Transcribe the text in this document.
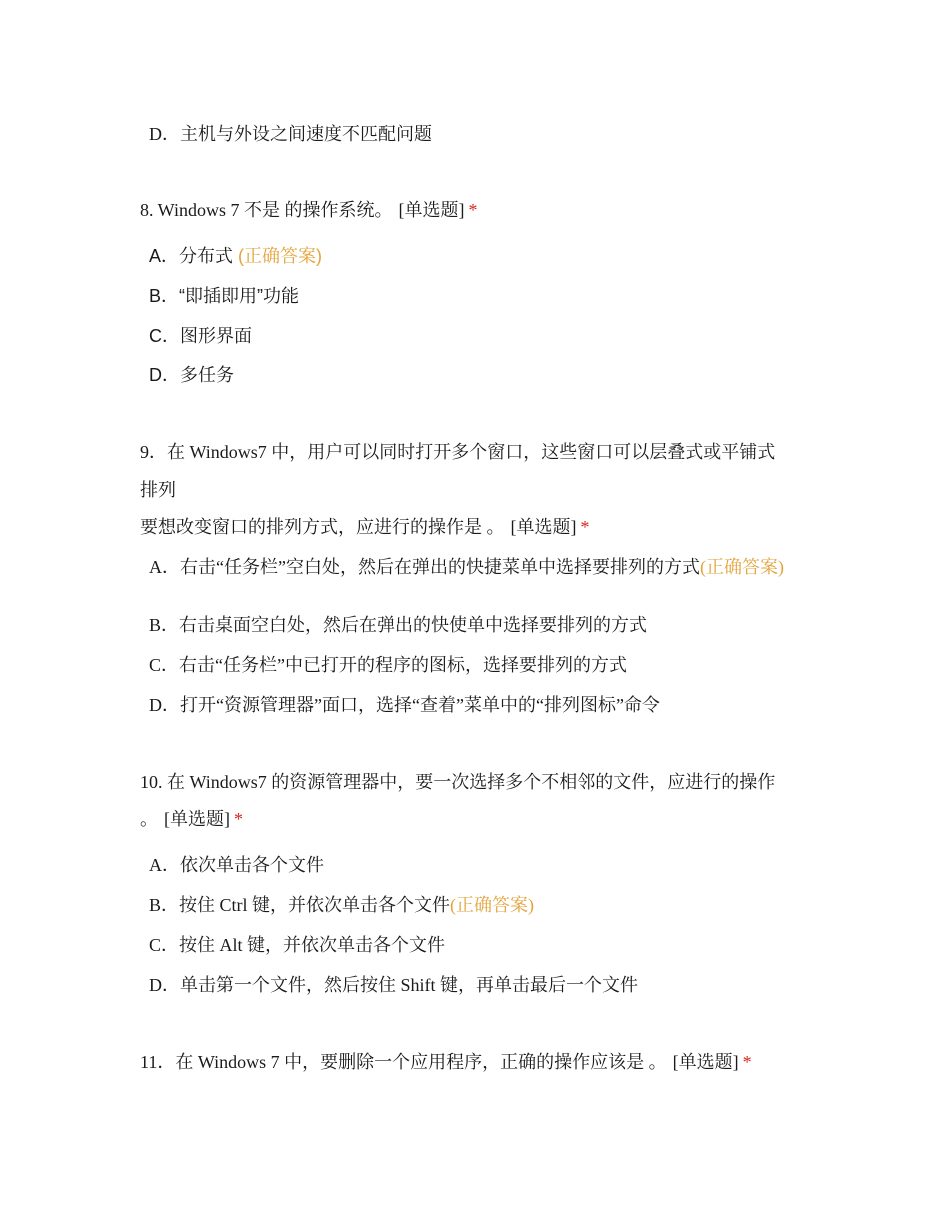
D．主机与外设之间速度不匹配问题
8. Windows 7 不是 的操作系统。 [单选题] *
A．分布式 (正确答案)
B．“即插即用”功能
C．图形界面
D．多任务
9．在 Windows7 中，用户可以同时打开多个窗口，这些窗口可以层叠式或平铺式
排列
要想改变窗口的排列方式，应进行的操作是 。 [单选题] *
A．右击“任务栏”空白处，然后在弹出的快捷菜单中选择要排列的方式(正确答案)
B．右击桌面空白处，然后在弹出的快使单中选择要排列的方式
C．右击“任务栏”中已打开的程序的图标，选择要排列的方式
D．打开“资源管理器”面口，选择“查着”菜单中的“排列图标”命令
10. 在 Windows7 的资源管理器中，要一次选择多个不相邻的文件，应进行的操作
。 [单选题] *
A．依次单击各个文件
B．按住 Ctrl 键，并依次单击各个文件(正确答案)
C．按住 Alt 键，并依次单击各个文件
D．单击第一个文件，然后按住 Shift 键，再单击最后一个文件
11．在 Windows 7 中，要删除一个应用程序，正确的操作应该是 。 [单选题] *
